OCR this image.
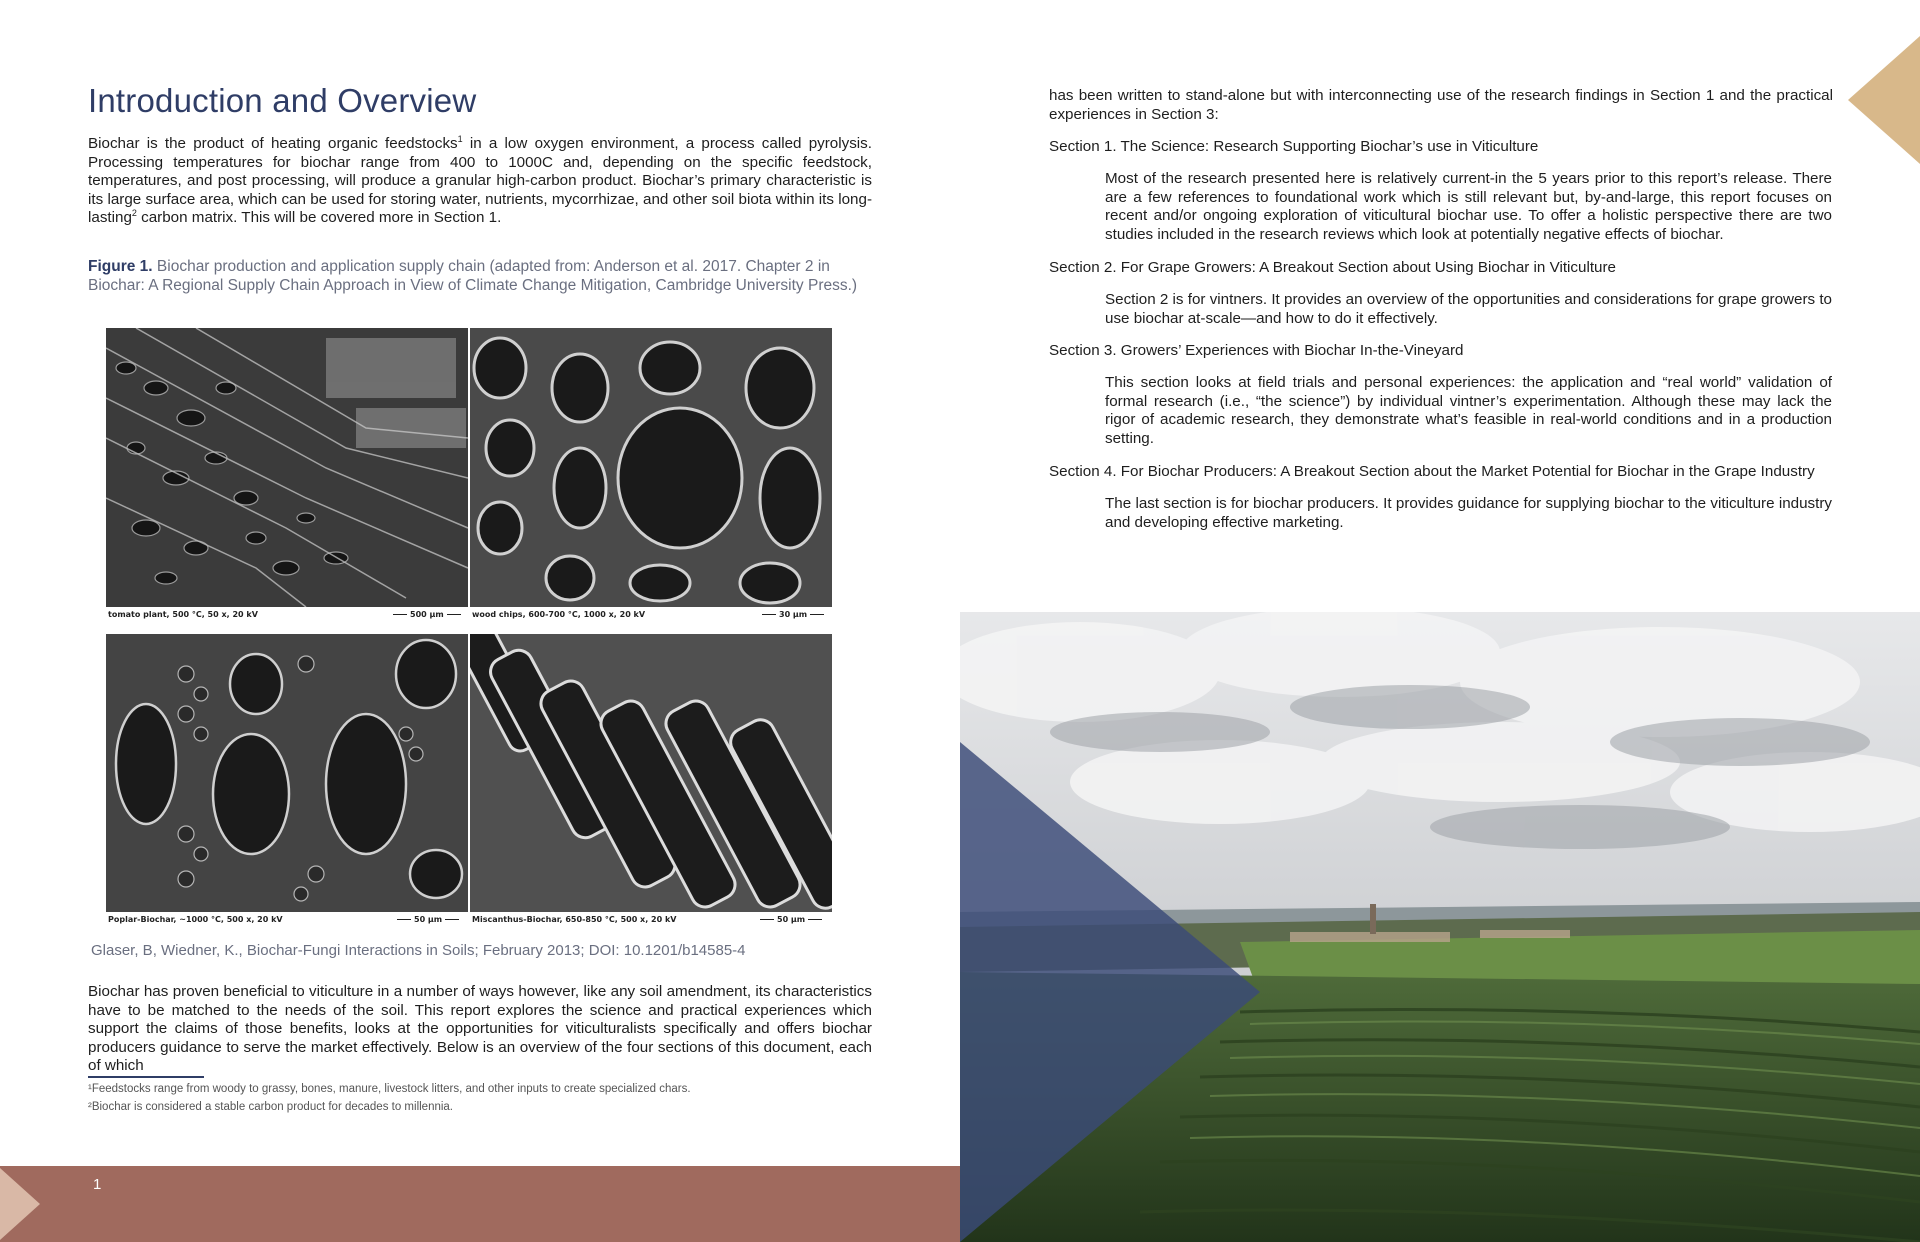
Introduction and Overview

Biochar is the product of heating organic feedstocks$^1$ in a low oxygen environment, a process called pyrolysis. Processing temperatures for biochar range from 400 to 1000C and, depending on the specific feedstock, temperatures, and post processing, will produce a granular high-carbon product. Biochar’s primary characteristic is its large surface area, which can be used for storing water, nutrients, mycorrhizae, and other soil biota within its long-lasting$^2$ carbon matrix. This will be covered more in Section 1.

Figure 1. Biochar production and application supply chain (adapted from: Anderson et al. 2017. Chapter 2 in Biochar: A Regional Supply Chain Approach in View of Climate Change Mitigation, Cambridge University Press.)

tomato plant, 500 °C, 50 x, 20 kV	500 µm	wood chips, 600-700 °C, 1000 x, 20 kV	30 µm
Poplar-Biochar, ~1000 °C, 500 x, 20 kV	50 µm	Miscanthus-Biochar, 650-850 °C, 500 x, 20 kV	50 µm

Glaser, B, Wiedner, K., Biochar-Fungi Interactions in Soils; February 2013; DOI: 10.1201/b14585-4

Biochar has proven beneficial to viticulture in a number of ways however, like any soil amendment, its characteristics have to be matched to the needs of the soil. This report explores the science and practical experiences which support the claims of those benefits, looks at the opportunities for viticulturalists specifically and offers biochar producers guidance to serve the market effectively. Below is an overview of the four sections of this document, each of which

¹Feedstocks range from woody to grassy, bones, manure, livestock litters, and other inputs to create specialized chars.

²Biochar is considered a stable carbon product for decades to millennia.

1

has been written to stand-alone but with interconnecting use of the research findings in Section 1 and the practical experiences in Section 3:

Section 1. The Science: Research Supporting Biochar’s use in Viticulture

Most of the research presented here is relatively current-in the 5 years prior to this report’s release. There are a few references to foundational work which is still relevant but, by-and-large, this report focuses on recent and/or ongoing exploration of viticultural biochar use. To offer a holistic perspective there are two studies included in the research reviews which look at potentially negative effects of biochar.

Section 2. For Grape Growers: A Breakout Section about Using Biochar in Viticulture

Section 2 is for vintners. It provides an overview of the opportunities and considerations for grape growers to use biochar at-scale—and how to do it effectively.

Section 3. Growers’ Experiences with Biochar In-the-Vineyard

This section looks at field trials and personal experiences: the application and “real world” validation of formal research (i.e., “the science”) by individual vintner’s experimentation. Although these may lack the rigor of academic research, they demonstrate what’s feasible in real-world conditions and in a production setting.

Section 4. For Biochar Producers: A Breakout Section about the Market Potential for Biochar in the Grape Industry

The last section is for biochar producers. It provides guidance for supplying biochar to the viticulture industry and developing effective marketing.
